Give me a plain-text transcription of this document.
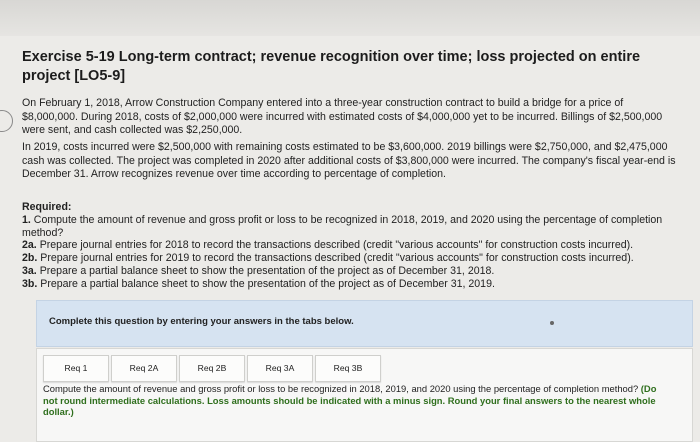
Exercise 5-19 Long-term contract; revenue recognition over time; loss projected on entire project [LO5-9]
On February 1, 2018, Arrow Construction Company entered into a three-year construction contract to build a bridge for a price of $8,000,000. During 2018, costs of $2,000,000 were incurred with estimated costs of $4,000,000 yet to be incurred. Billings of $2,500,000 were sent, and cash collected was $2,250,000.
In 2019, costs incurred were $2,500,000 with remaining costs estimated to be $3,600,000. 2019 billings were $2,750,000, and $2,475,000 cash was collected. The project was completed in 2020 after additional costs of $3,800,000 were incurred. The company's fiscal year-end is December 31. Arrow recognizes revenue over time according to percentage of completion.
Required:
1. Compute the amount of revenue and gross profit or loss to be recognized in 2018, 2019, and 2020 using the percentage of completion method?
2a. Prepare journal entries for 2018 to record the transactions described (credit "various accounts" for construction costs incurred).
2b. Prepare journal entries for 2019 to record the transactions described (credit "various accounts" for construction costs incurred).
3a. Prepare a partial balance sheet to show the presentation of the project as of December 31, 2018.
3b. Prepare a partial balance sheet to show the presentation of the project as of December 31, 2019.
Complete this question by entering your answers in the tabs below.
Req 1	Req 2A	Req 2B	Req 3A	Req 3B
Compute the amount of revenue and gross profit or loss to be recognized in 2018, 2019, and 2020 using the percentage of completion method? (Do not round intermediate calculations. Loss amounts should be indicated with a minus sign. Round your final answers to the nearest whole dollar.)
